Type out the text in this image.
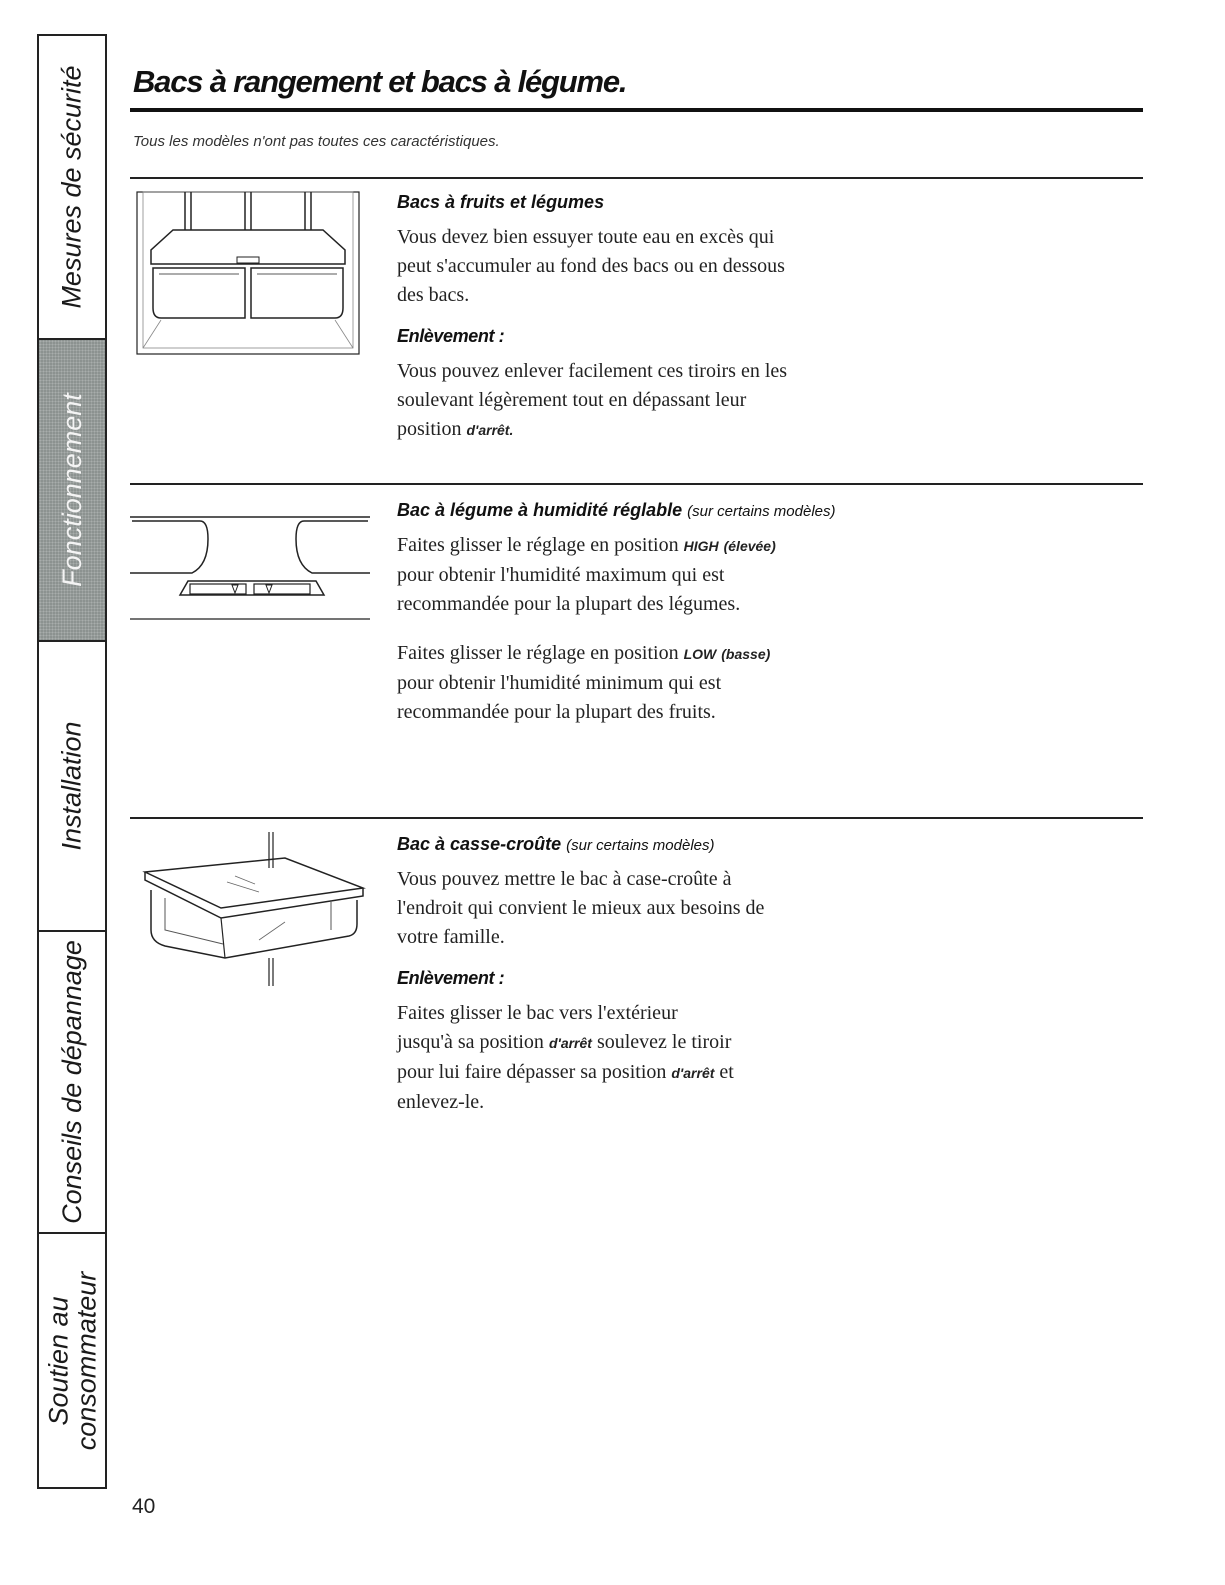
Mesures de sécurité
Fonctionnement
Installation
Conseils de dépannage
Soutien au
consommateur
Bacs à rangement et bacs à légume.
Tous les modèles n'ont pas toutes ces caractéristiques.
Bacs à fruits et légumes

Vous devez bien essuyer toute eau en excès qui peut s'accumuler au fond des bacs ou en dessous des bacs.

Enlèvement :

Vous pouvez enlever facilement ces tiroirs en les soulevant légèrement tout en dépassant leur position d'arrêt.

Bac à légume à humidité réglable (sur certains modèles)

Faites glisser le réglage en position HIGH (élevée) pour obtenir l'humidité maximum qui est recommandée pour la plupart des légumes.

Faites glisser le réglage en position LOW (basse) pour obtenir l'humidité minimum qui est recommandée pour la plupart des fruits.

Bac à casse-croûte (sur certains modèles)

Vous pouvez mettre le bac à case-croûte à l'endroit qui convient le mieux aux besoins de votre famille.

Enlèvement :

Faites glisser le bac vers l'extérieur jusqu'à sa position d'arrêt soulevez le tiroir pour lui faire dépasser sa position d'arrêt et enlevez-le.

40
